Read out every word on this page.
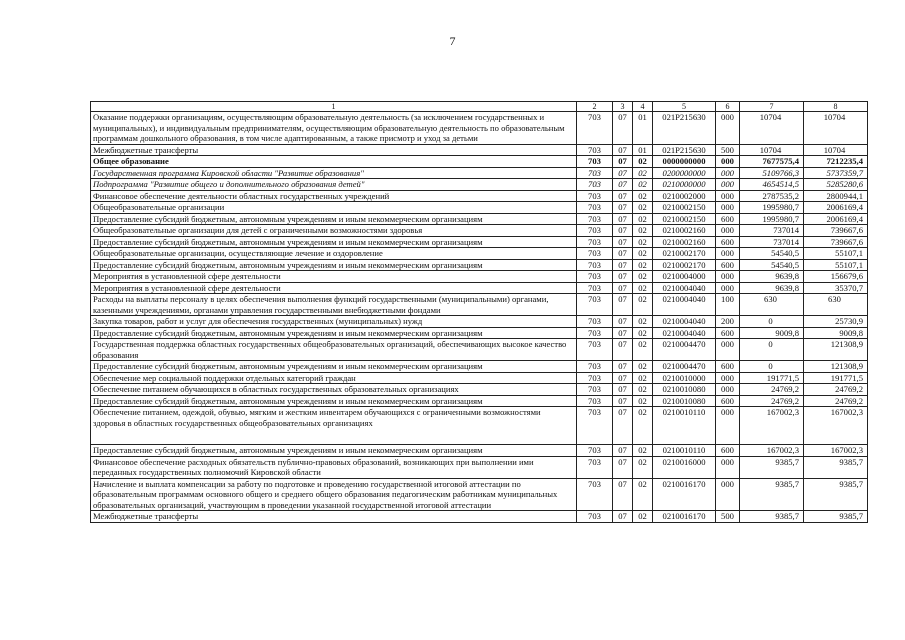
7
1	2	3	4	5	6	7	8
Оказание поддержки организациям, осуществляющим образовательную деятельность (за исключением государственных и муниципальных), и индивидуальным предпринимателям, осуществляющим образовательную деятельность по образовательным программам дошкольного образования, в том числе адаптированным, а также присмотр и уход за детьми	703	07	01	021P215630	000	10704	10704
Межбюджетные трансферты	703	07	01	021P215630	500	10704	10704
Общее образование	703	07	02	0000000000	000	7677575,4	7212235,4
Государственная программа Кировской области "Развитие образования"	703	07	02	0200000000	000	5109766,3	5737359,7
Подпрограмма "Развитие общего и дополнительного образования детей"	703	07	02	0210000000	000	4654514,5	5285280,6
Финансовое обеспечение деятельности областных государственных учреждений	703	07	02	0210002000	000	2787535,2	2800944,1
Общеобразовательные организации	703	07	02	0210002150	000	1995980,7	2006169,4
Предоставление субсидий бюджетным, автономным учреждениям и иным некоммерческим организациям	703	07	02	0210002150	600	1995980,7	2006169,4
Общеобразовательные организации для детей с ограниченными возможностями здоровья	703	07	02	0210002160	000	737014	739667,6
Предоставление субсидий бюджетным, автономным учреждениям и иным некоммерческим организациям	703	07	02	0210002160	600	737014	739667,6
Общеобразовательные организации, осуществляющие лечение и оздоровление	703	07	02	0210002170	000	54540,5	55107,1
Предоставление субсидий бюджетным, автономным учреждениям и иным некоммерческим организациям	703	07	02	0210002170	600	54540,5	55107,1
Мероприятия в установленной сфере деятельности	703	07	02	0210004000	000	9639,8	156679,6
Мероприятия в установленной сфере деятельности	703	07	02	0210004040	000	9639,8	35370,7
Расходы на выплаты персоналу в целях обеспечения выполнения функций государственными (муниципальными) органами, казенными учреждениями, органами управления государственными внебюджетными фондами	703	07	02	0210004040	100	630	630
Закупка товаров, работ и услуг для обеспечения государственных (муниципальных) нужд	703	07	02	0210004040	200	0	25730,9
Предоставление субсидий бюджетным, автономным учреждениям и иным некоммерческим организациям	703	07	02	0210004040	600	9009,8	9009,8
Государственная поддержка областных государственных общеобразовательных организаций, обеспечивающих высокое качество образования	703	07	02	0210004470	000	0	121308,9
Предоставление субсидий бюджетным, автономным учреждениям и иным некоммерческим организациям	703	07	02	0210004470	600	0	121308,9
Обеспечение мер социальной поддержки отдельных категорий граждан	703	07	02	0210010000	000	191771,5	191771,5
Обеспечение питанием обучающихся в областных государственных образовательных организациях	703	07	02	0210010080	000	24769,2	24769,2
Предоставление субсидий бюджетным, автономным учреждениям и иным некоммерческим организациям	703	07	02	0210010080	600	24769,2	24769,2
Обеспечение питанием, одеждой, обувью, мягким и жестким инвентарем обучающихся с ограниченными возможностями здоровья в областных государственных общеобразовательных организациях	703	07	02	0210010110	000	167002,3	167002,3
Предоставление субсидий бюджетным, автономным учреждениям и иным некоммерческим организациям	703	07	02	0210010110	600	167002,3	167002,3
Финансовое обеспечение расходных обязательств публично-правовых образований, возникающих при выполнении ими переданных государственных полномочий Кировской области	703	07	02	0210016000	000	9385,7	9385,7
Начисление и выплата компенсации за работу по подготовке и проведению государственной итоговой аттестации по образовательным программам основного общего и среднего общего образования педагогическим работникам муниципальных образовательных организаций, участвующим в проведении указанной государственной итоговой аттестации	703	07	02	0210016170	000	9385,7	9385,7
Межбюджетные трансферты	703	07	02	0210016170	500	9385,7	9385,7
